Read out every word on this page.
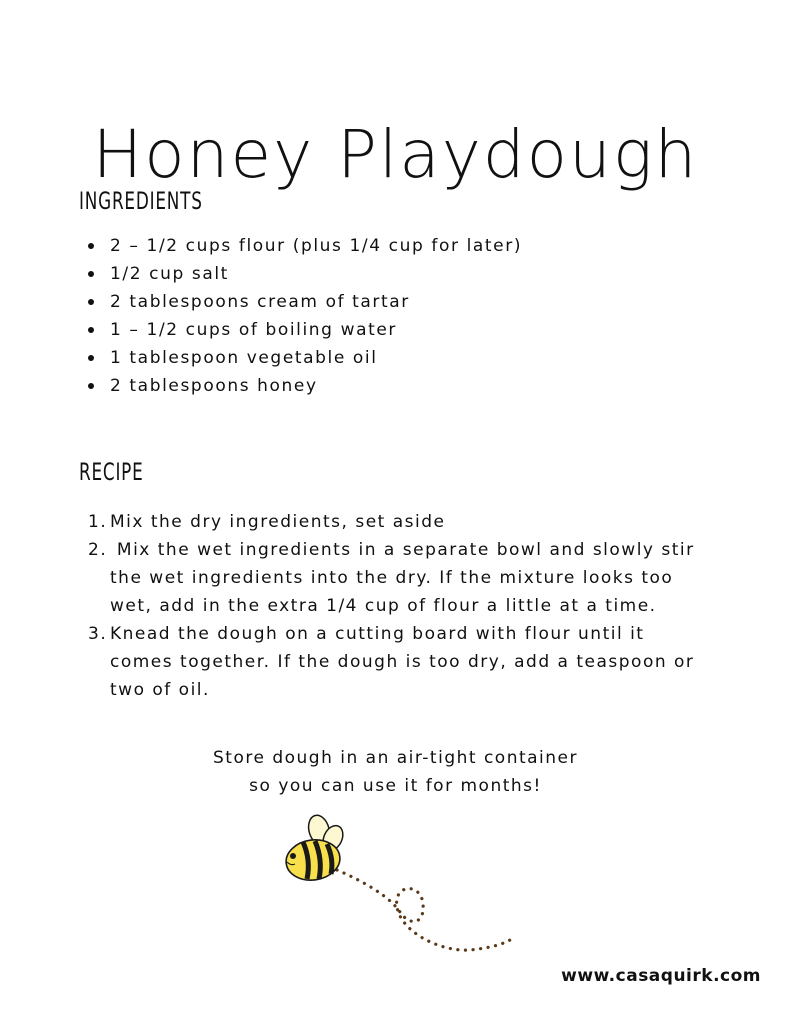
Honey Playdough
INGREDIENTS
2 – 1/2 cups flour (plus 1/4 cup for later)
1/2 cup salt
2 tablespoons cream of tartar
1 – 1/2 cups of boiling water
1 tablespoon vegetable oil
2 tablespoons honey
RECIPE
1. Mix the dry ingredients, set aside
2. Mix the wet ingredients in a separate bowl and slowly stir the wet ingredients into the dry. If the mixture looks too wet, add in the extra 1/4 cup of flour a little at a time.
3. Knead the dough on a cutting board with flour until it comes together. If the dough is too dry, add a teaspoon or two of oil.
Store dough in an air-tight container
so you can use it for months!
www.casaquirk.com
